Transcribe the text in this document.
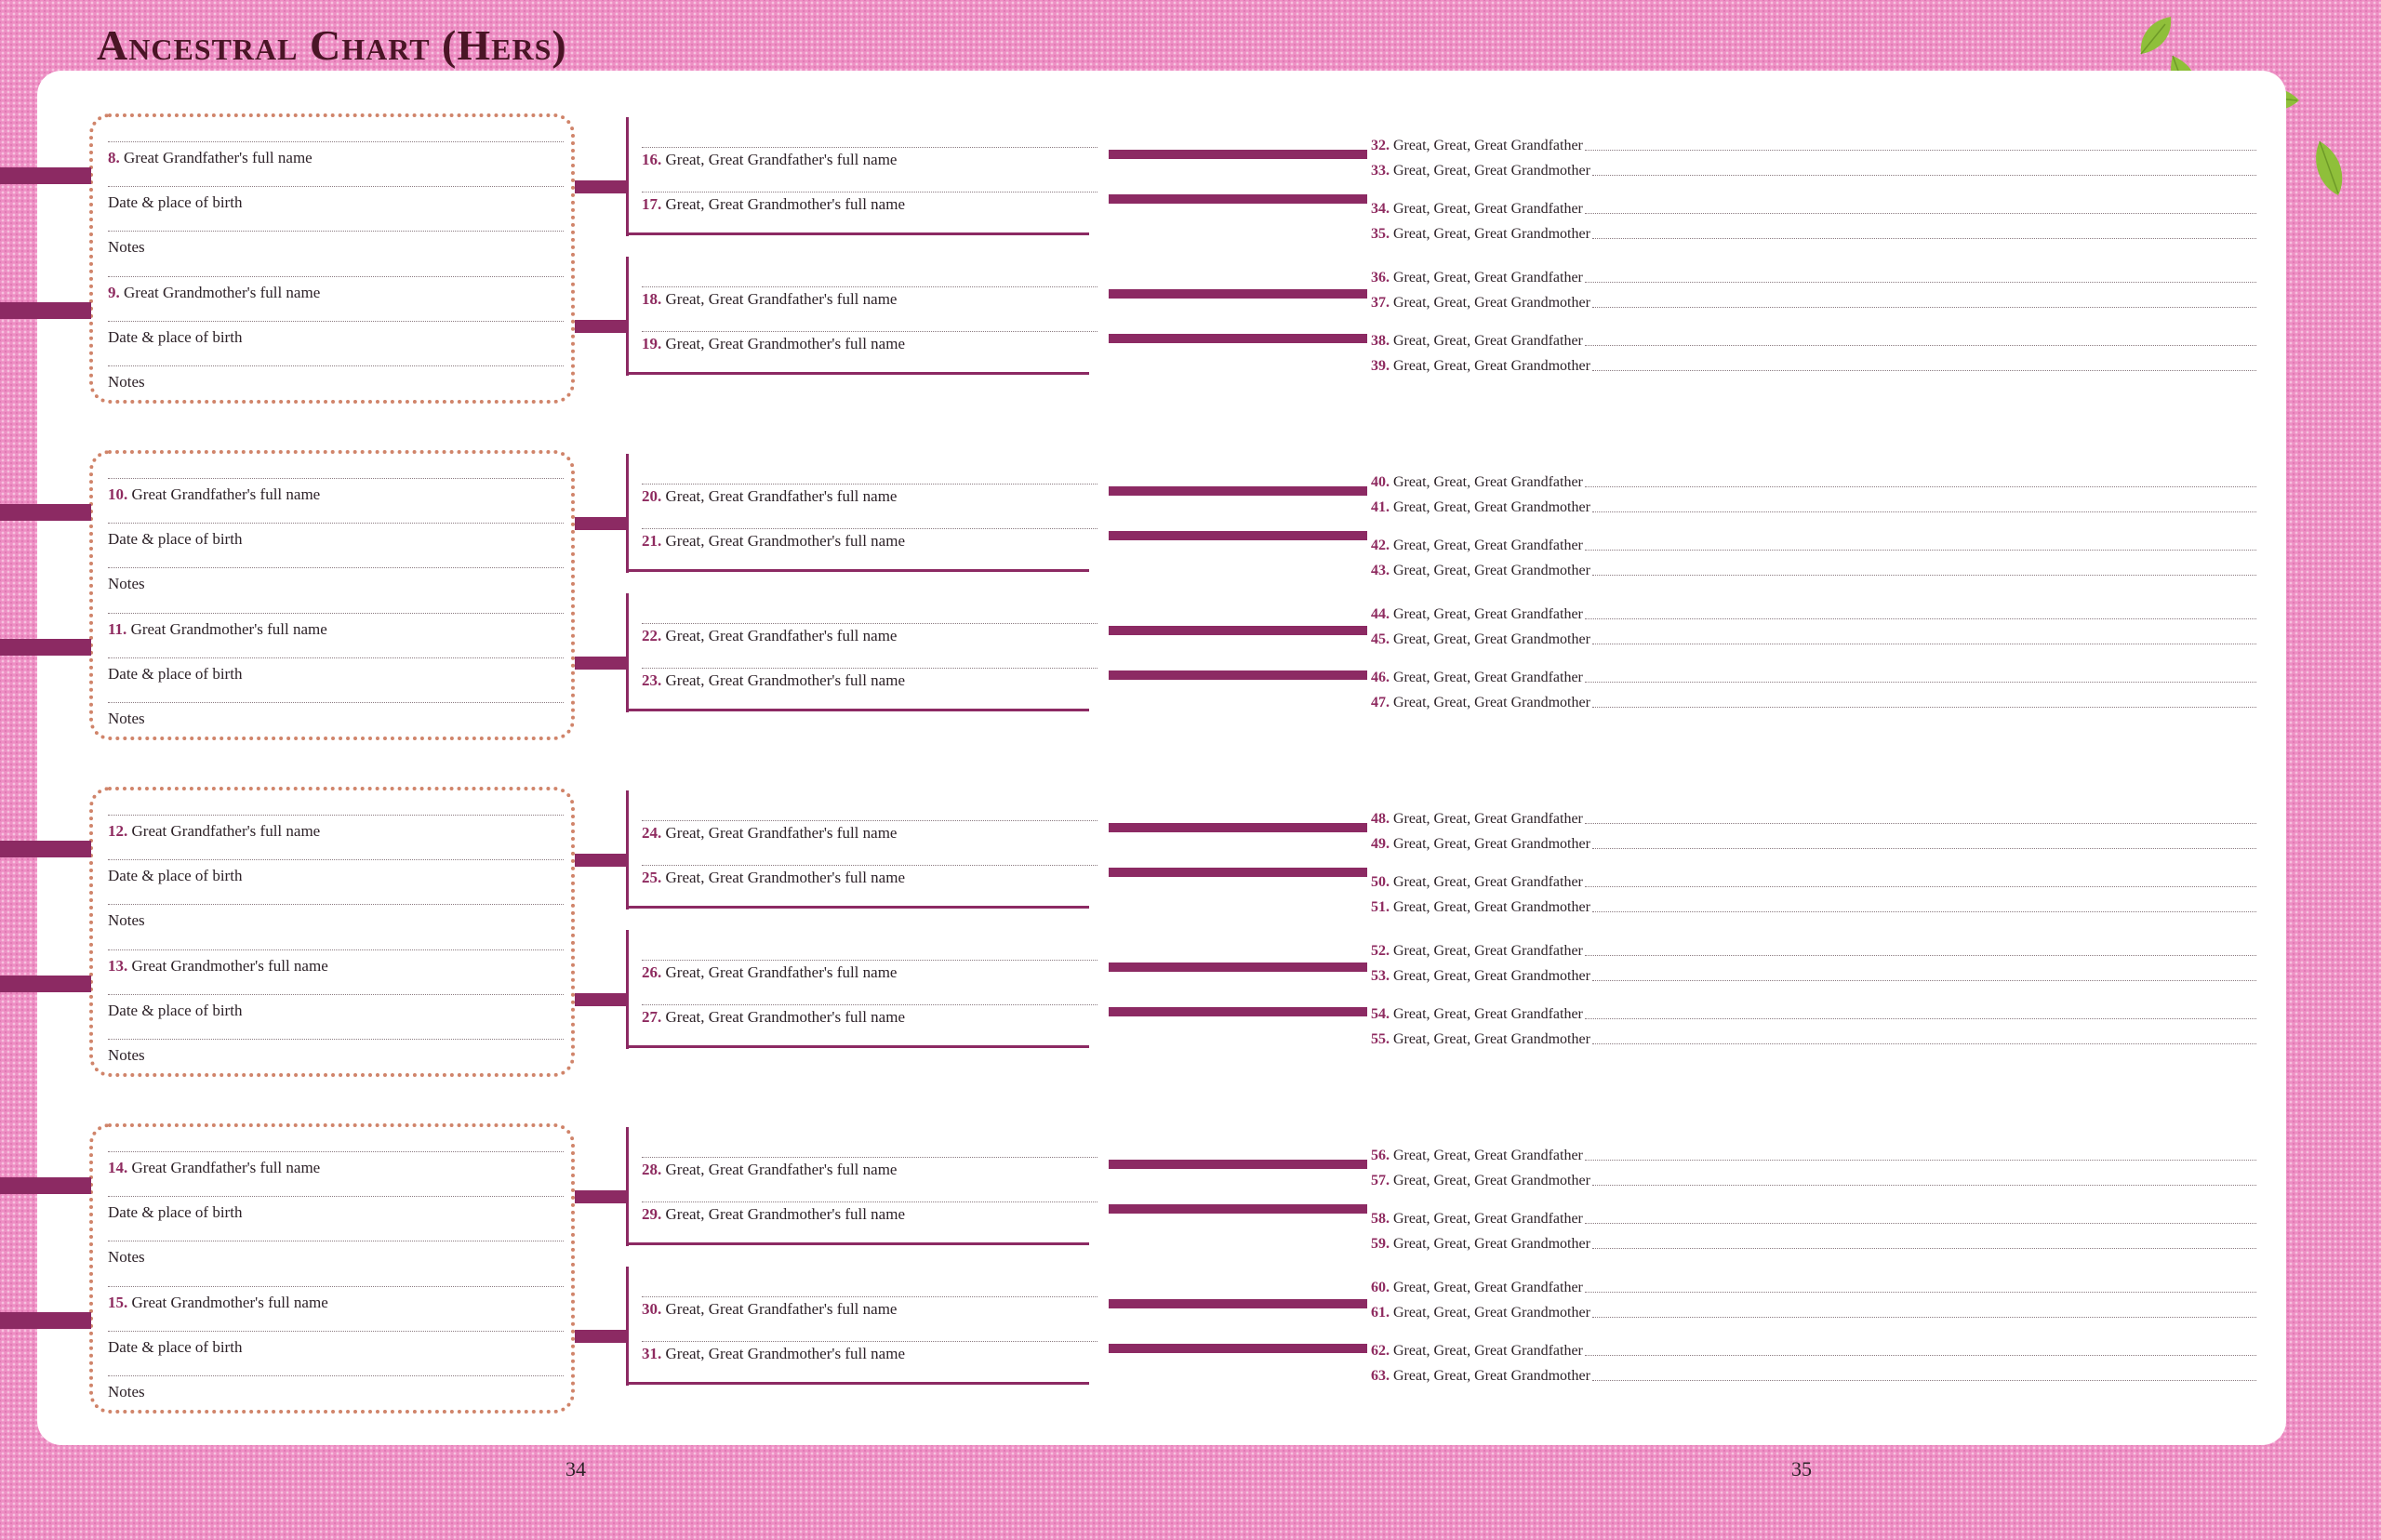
Ancestral Chart (Hers)
34	35
8. Great Grandfather's full name
Date & place of birth
Notes
9. Great Grandmother's full name
Date & place of birth
Notes
10. Great Grandfather's full name
Date & place of birth
Notes
11. Great Grandmother's full name
Date & place of birth
Notes
12. Great Grandfather's full name
Date & place of birth
Notes
13. Great Grandmother's full name
Date & place of birth
Notes
14. Great Grandfather's full name
Date & place of birth
Notes
15. Great Grandmother's full name
Date & place of birth
Notes
16. Great, Great Grandfather's full name
17. Great, Great Grandmother's full name
18. Great, Great Grandfather's full name
19. Great, Great Grandmother's full name
20. Great, Great Grandfather's full name
21. Great, Great Grandmother's full name
22. Great, Great Grandfather's full name
23. Great, Great Grandmother's full name
24. Great, Great Grandfather's full name
25. Great, Great Grandmother's full name
26. Great, Great Grandfather's full name
27. Great, Great Grandmother's full name
28. Great, Great Grandfather's full name
29. Great, Great Grandmother's full name
30. Great, Great Grandfather's full name
31. Great, Great Grandmother's full name
32.
Great, Great, Great Grandfather
33.
Great, Great, Great Grandmother
34.
Great, Great, Great Grandfather
35.
Great, Great, Great Grandmother
36.
Great, Great, Great Grandfather
37.
Great, Great, Great Grandmother
38.
Great, Great, Great Grandfather
39.
Great, Great, Great Grandmother
40.
Great, Great, Great Grandfather
41.
Great, Great, Great Grandmother
42.
Great, Great, Great Grandfather
43.
Great, Great, Great Grandmother
44.
Great, Great, Great Grandfather
45.
Great, Great, Great Grandmother
46.
Great, Great, Great Grandfather
47.
Great, Great, Great Grandmother
48.
Great, Great, Great Grandfather
49.
Great, Great, Great Grandmother
50.
Great, Great, Great Grandfather
51.
Great, Great, Great Grandmother
52.
Great, Great, Great Grandfather
53.
Great, Great, Great Grandmother
54.
Great, Great, Great Grandfather
55.
Great, Great, Great Grandmother
56.
Great, Great, Great Grandfather
57.
Great, Great, Great Grandmother
58.
Great, Great, Great Grandfather
59.
Great, Great, Great Grandmother
60.
Great, Great, Great Grandfather
61.
Great, Great, Great Grandmother
62.
Great, Great, Great Grandfather
63.
Great, Great, Great Grandmother
